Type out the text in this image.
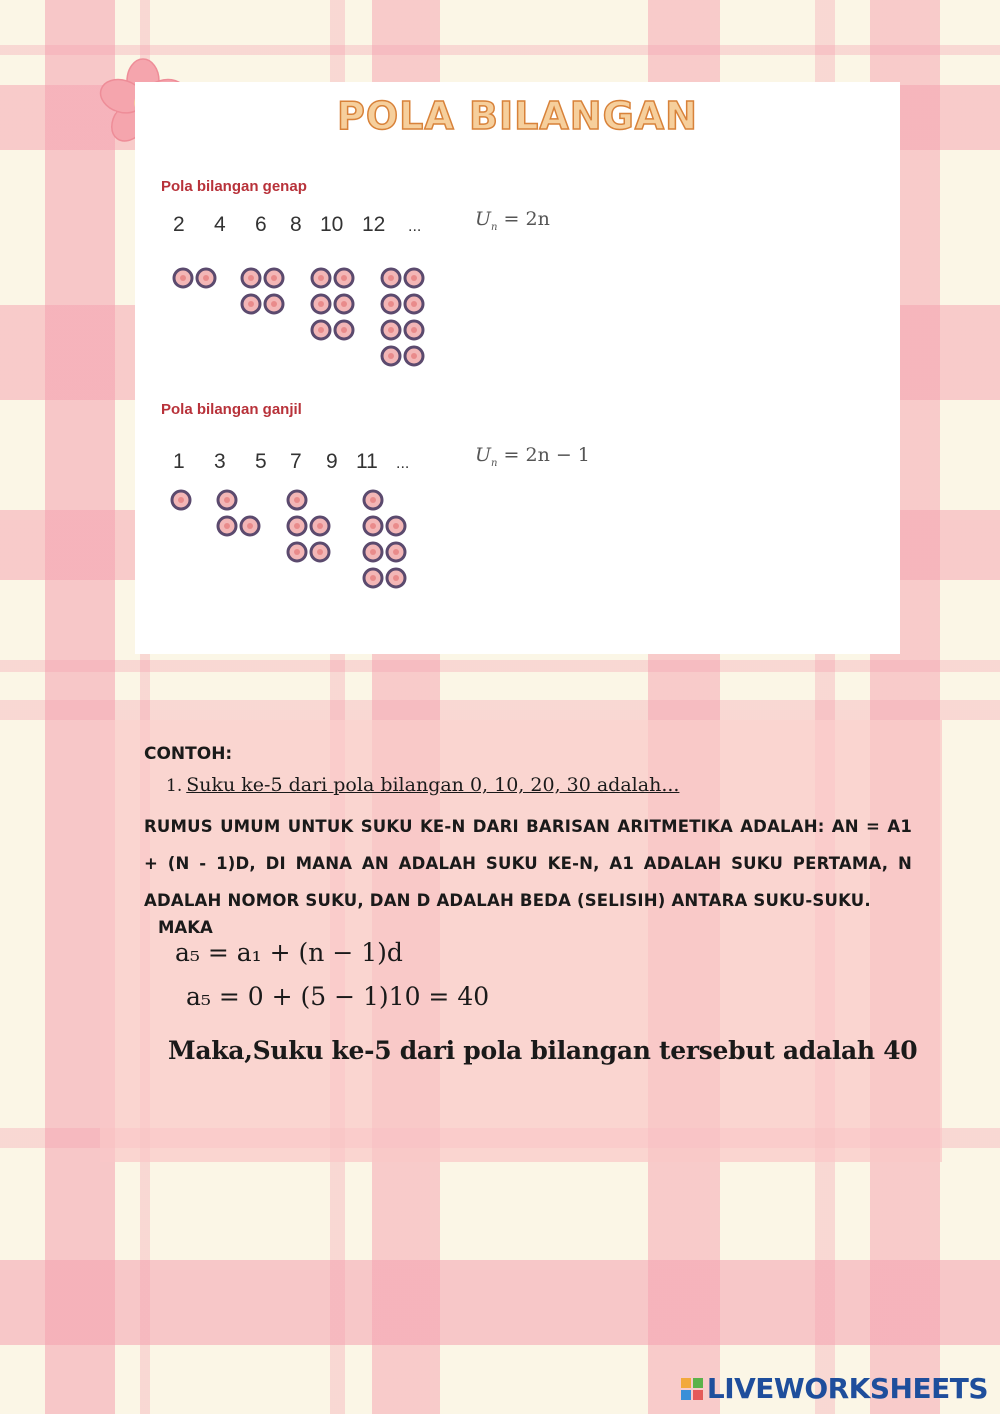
POLA BILANGAN
Pola bilangan genap
2 4 6 8 10 12 ...	$U_n = 2n$
Pola bilangan ganjil
1 3 5 7 9 11 ...	$U_n = 2n - 1$
CONTOH:
1. Suku ke-5 dari pola bilangan 0, 10, 20, 30 adalah...
RUMUS UMUM UNTUK SUKU KE-N DARI BARISAN ARITMETIKA ADALAH: AN = A1 + (N - 1)D, DI MANA AN ADALAH SUKU KE-N, A1 ADALAH SUKU PERTAMA, N ADALAH NOMOR SUKU, DAN D ADALAH BEDA (SELISIH) ANTARA SUKU-SUKU.
MAKA
a₅ = a₁ + (n − 1)d
a₅ = 0 + (5 − 1)10 = 40
Maka,Suku ke-5 dari pola bilangan tersebut adalah 40
LIVEWORKSHEETS
